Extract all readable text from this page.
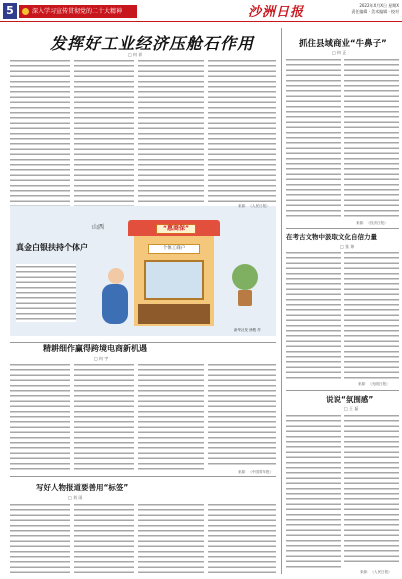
5	深入学习宣传贯彻党的二十大精神	沙洲日报	2022年X月X日 星期X
责任编辑 · 美术编辑 · 校对
发挥好工业经济压舱石作用
□ 何 祥
山西
真金白银扶持个体户
“惠商保”
个体工商户
新华社发 徐骏 作
精耕细作赢得跨境电商新机遇
□ 何 宇
来源：《中国青年报》
写好人物报道要善用“标签”
□ 刘 雨
抓住县域商业“牛鼻子”
□ 何 正
来源：《经济日报》
在考古文物中汲取文化自信力量
□ 张 炜
来源：《光明日报》
说说“氛围感”
□ 王 磊
来源：《人民日报》
来源：《人民日报》
